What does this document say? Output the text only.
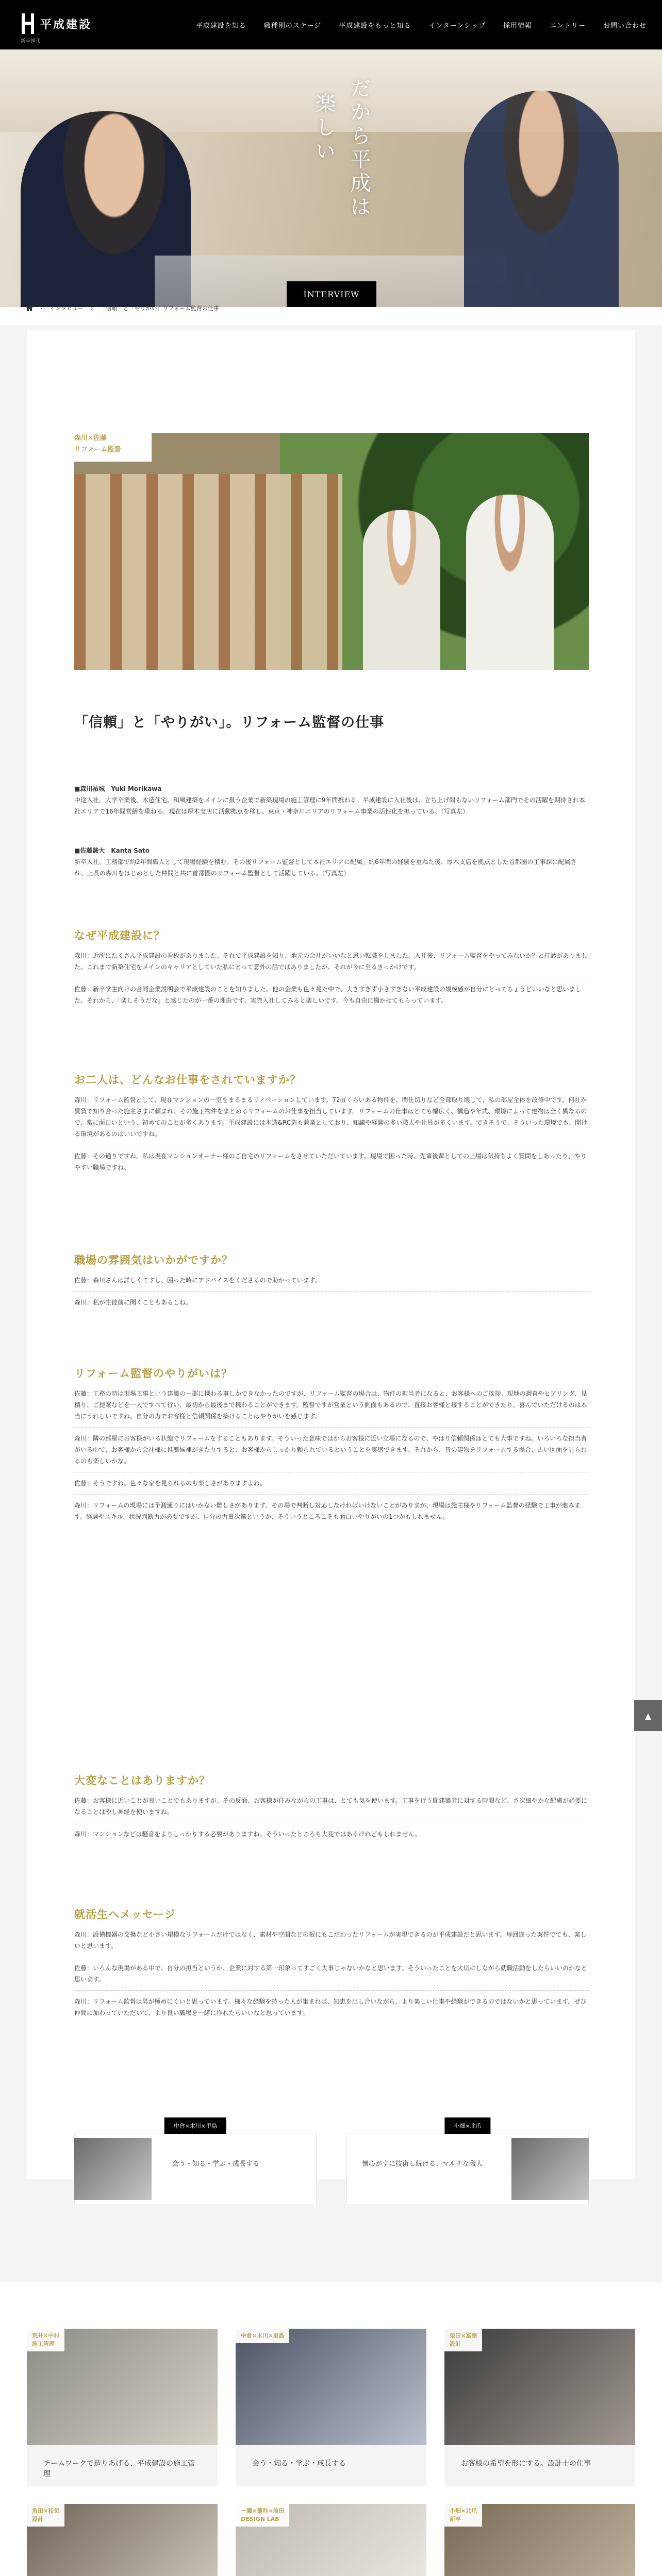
平成建設
新卒採用
平成建設を知る	職種別のステージ	平成建設をもっと知る	インターンシップ	採用情報	エントリー	お問い合わせ
だから平成は
楽しい
INTERVIEW
› インタビュー › 「信頼」と「やりがい」リフォーム監督の仕事
森川×佐藤
リフォーム監督
「信頼」と「やりがい」。リフォーム監督の仕事
■森川祐城　Yuki Morikawa
中途入社。大学卒業後、木造住宅、和風建築をメインに扱う企業で新築現場の施工管理に9年間携わる。平成建設に入社後は、立ち上げ間もないリフォーム部門でその活躍を期待され本社エリアで16年間営繕を重ねる。現在は厚木支店に活動拠点を移し、東京・神奈川エリアのリフォーム事業の活性化を担っている。（写真左）
■佐藤駿大　Kanta Sato
新卒入社。工務部で約2年間職人として現場経験を積む。その後リフォーム監督として本社エリアに配属。約6年間の経験を重ねた後、厚木支店を拠点とした首都圏の工事課に配属され、上長の森川をはじめとした仲間と共に首都圏のリフォーム監督として活躍している。（写真左）
なぜ平成建設に？

森川：近所にたくさん平成建設の看板がありました。それで平成建設を知り、地元の会社がいいなと思い転職をしました。入社後、リフォーム監督をやってみないか？と打診がありました。これまで新築住宅をメインのキャリアとしていた私にとって意外の話ではありましたが、それが今に至るきっかけです。

佐藤：新卒学生向けの合同企業説明会で平成建設のことを知りました。他の企業も色々見た中で、大きすぎず小さすぎない平成建設の規模感が自分にとってちょうどいいなと思いました。それから、「楽しそうだな」と感じたのが一番の理由です。実際入社してみると楽しいです。今も自由に働かせてもらっています。

お二人は、どんなお仕事をされていますか？

森川：リフォーム監督として、現在マンションの一室をまるまるリノベーションしています。72㎡くらいある物件を、間仕切りなど全部取り壊して、私の部屋全体を改修中です。何社か賃貸で知り合った施主さまに頼まれ、その施工物件をまとめるリフォームのお仕事を担当しています。リフォームの仕事はとても幅広く、構造や年式、環境によって建物は全く異なるので、常に面白いという、初めてのことが多くあります。平成建設には木造&RC造も兼業としており、知識や経験の多い職人や社員が多くいます。できそうで、そういった環境でも、聞ける環境があるのはいいですね。

佐藤：その通りですね。私は現在マンションオーナー様のご自宅のリフォームをさせていただいています。現場で困った時、先輩後輩としての上場は気持ちよく質問をしあったり、やりやすい職場ですね。

職場の雰囲気はいかがですか？

佐藤：森川さんは詳しくてすし、困った時にアドバイスをくださるので助かっています。

森川：私が生徒前に聞くこともあるしね。

リフォーム監督のやりがいは？

佐藤：工務の時は現場工事という建築の一部に携わる事しかできなかったのですが、リフォーム監督の場合は、物件の担当者になると、お客様へのご挨拶、現地の調査やヒアリング、見積り、ご提案などを一人ですべて行い、最初から最後まで携わることができます。監督ですが営業という側面もあるので、直接お客様と接することができたり、喜んでいただけるのは本当にうれしいですね。自分の力でお客様と信頼関係を築けることはやりがいを感じます。

森川：隣の部屋にお客様がいる状態でリフォームをすることもあります。そういった意味ではからお客様に近い立場になるので、やはり信頼関係はとても大事ですね。いろいろな担当者がいる中で、お客様から会社様に推薦候補がきたりすると、お客様からしっかり頼られているということを実感できます。それから、昔の建物をリフォームする場合、古い図面を見られるのも楽しいかな。

佐藤：そうですね。色々な家を見られるのも楽しさがありますよね。

森川：リフォームの現場には予測通りにはいかない難しさがあります。その場で判断し対応しなければいけないことがありまが、現場は施主様やリフォーム監督の経験で工事が進みます。経験やスキル、状況判断力が必要ですが、自分の力量次第というか、そういうところこそも面白いやりがいの1つかもしれません。

大変なことはありますか？

佐藤：お客様に近いことが良いことでもありますが、その反面、お客様が住みながらの工事は、とても気を使います。工事を行う間建築者に対する時間など、さ次細やかな配慮が必要になることはやし神経を使いますね。

森川：マンションなどは騒音をよりしっかりする必要がありますね。そういったところも大変ではあるけれどもしれません。

就活生へメッセージ

森川：設備機器の交換など小さい規模なリフォームだけではなく、素材や空間などの根にもこだわったリフォームが実現できるのが平成建設だと思います。毎回違った案件でても、楽しいと思います。

佐藤：いろんな現場がある中で、自分の担当というか、企業に対する第一印象ってすごく大事じゃないかなと思います。そういったことを大切にしながら就職活動をしたらいいのかなと思います。

森川：リフォーム監督は男が極めにくいと思っています。様々な経験を持った人が集まれば、知恵を出し合いながら、より楽しい仕事や経験ができるのではないかと思っています。ぜひ仲間に加わっていただいて、より良い職場を一緒に作れたらいいなと思っています。

会う・知る・学ぶ・成長する
中倉×木川×里島
懐心がすに技術し続ける、マルチな職人
小畑×北爪
荒井×中村
施工管理
チームワークで造りあげる、平成建設の施工管理
中倉×木川×里島
会う・知る・学ぶ・成長する
栗田×富澤
設計
お客様の希望を形にする。設計士の仕事
角田×和気
設計
一瀬×藁科×前田
DESIGN LAB
小畑×北爪
新卒
▲
